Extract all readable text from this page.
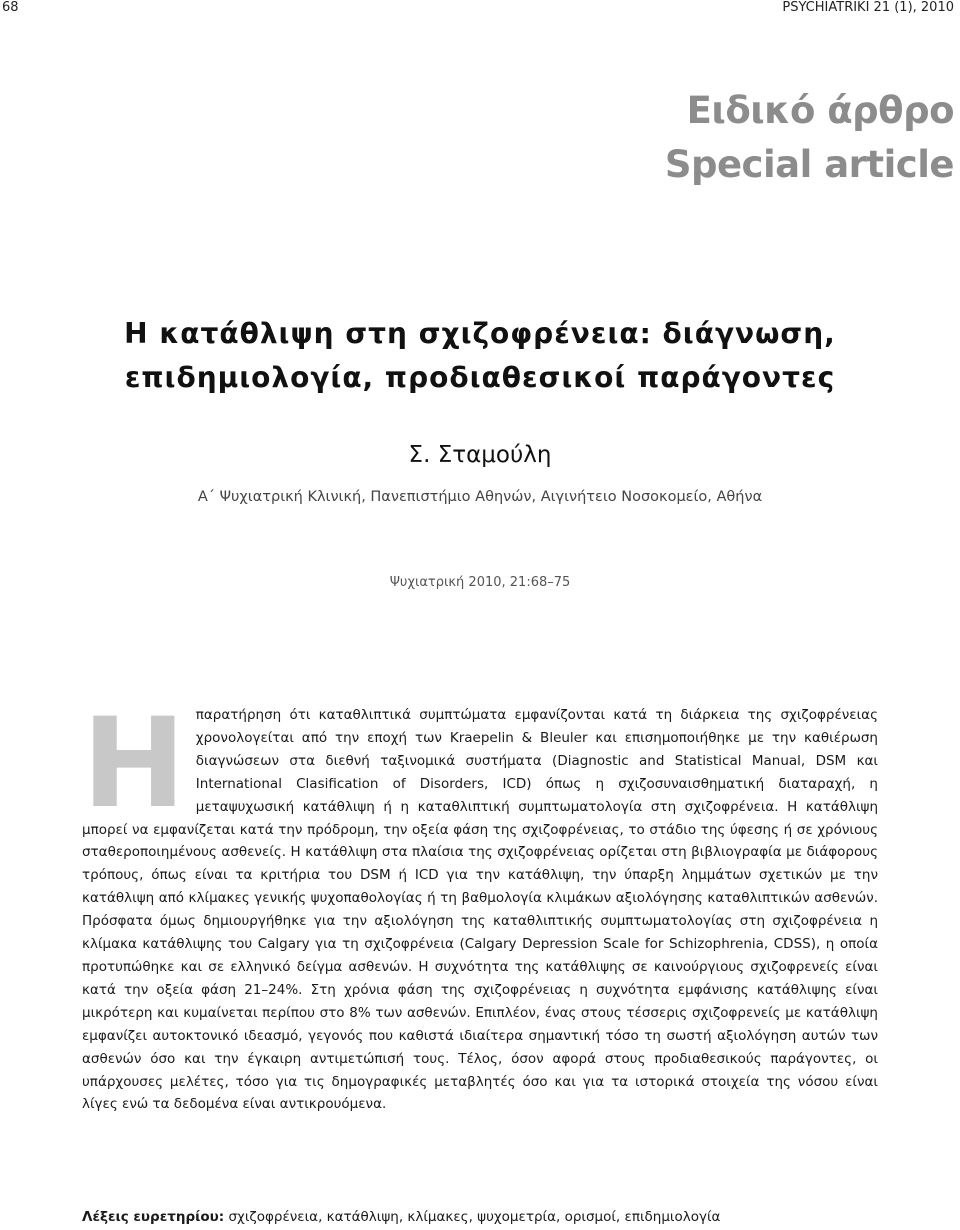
68	PSYCHIATRIKI 21 (1), 2010
Ειδικό άρθρο
Special article
Η κατάθλιψη στη σχιζοφρένεια: διάγνωση,
επιδημιολογία, προδιαθεσικοί παράγοντες
Σ. Σταμούλη
Α΄ Ψυχιατρική Κλινική, Πανεπιστήμιο Αθηνών, Αιγινήτειο Νοσοκομείο, Αθήνα
Ψυχιατρική 2010, 21:68–75

Ηπαρατήρηση ότι καταθλιπτικά συμπτώματα εμφανίζονται κατά τη διάρκεια της σχιζοφρένειας χρονολογείται από την εποχή των Kraepelin & Bleuler και επισημοποιήθηκε με την καθιέρωση διαγνώσεων στα διεθνή ταξινομικά συστήματα (Diagnostic and Statistical Manual, DSM και International Clasification of Disorders, ICD) όπως η σχιζοσυναισθηματική διαταραχή, η μεταψυχωσική κατάθλιψη ή η καταθλιπτική συμπτωματολογία στη σχιζοφρένεια. Η κατάθλιψη μπορεί να εμφανίζεται κατά την πρόδρομη, την οξεία φάση της σχιζοφρένειας, το στάδιο της ύφεσης ή σε χρόνιους σταθεροποιημένους ασθενείς. Η κατάθλιψη στα πλαίσια της σχιζοφρένειας ορίζεται στη βιβλιογραφία με διάφορους τρόπους, όπως είναι τα κριτήρια του DSM ή ICD για την κατάθλιψη, την ύπαρξη λημμάτων σχετικών με την κατάθλιψη από κλίμακες γενικής ψυχοπαθολογίας ή τη βαθμολογία κλιμάκων αξιολόγησης καταθλιπτικών ασθενών. Πρόσφατα όμως δημιουργήθηκε για την αξιολόγηση της καταθλιπτικής συμπτωματολογίας στη σχιζοφρένεια η κλίμακα κατάθλιψης του Calgary για τη σχιζοφρένεια (Calgary Depression Scale for Schizophrenia, CDSS), η οποία προτυπώθηκε και σε ελληνικό δείγμα ασθενών. Η συχνότητα της κατάθλιψης σε καινούργιους σχιζοφρενείς είναι κατά την οξεία φάση 21–24%. Στη χρόνια φάση της σχιζοφρένειας η συχνότητα εμφάνισης κατάθλιψης είναι μικρότερη και κυμαίνεται περίπου στο 8% των ασθενών. Επιπλέον, ένας στους τέσσερις σχιζοφρενείς με κατάθλιψη εμφανίζει αυτοκτονικό ιδεασμό, γεγονός που καθιστά ιδιαίτερα σημαντική τόσο τη σωστή αξιολόγηση αυτών των ασθενών όσο και την έγκαιρη αντιμετώπισή τους. Τέλος, όσον αφορά στους προδιαθεσικούς παράγοντες, οι υπάρχουσες μελέτες, τόσο για τις δημογραφικές μεταβλητές όσο και για τα ιστορικά στοιχεία της νόσου είναι λίγες ενώ τα δεδομένα είναι αντικρουόμενα.

Λέξεις ευρετηρίου: σχιζοφρένεια, κατάθλιψη, κλίμακες, ψυχομετρία, ορισμοί, επιδημιολογία
